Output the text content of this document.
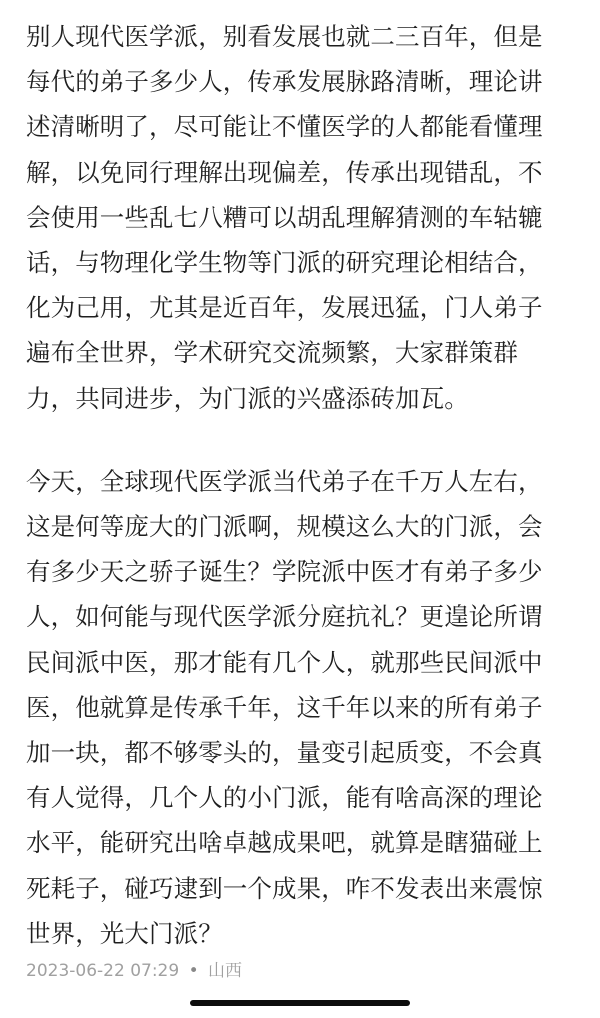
别人现代医学派，别看发展也就二三百年，但是
每代的弟子多少人，传承发展脉路清晰，理论讲
述清晰明了，尽可能让不懂医学的人都能看懂理
解，以免同行理解出现偏差，传承出现错乱，不
会使用一些乱七八糟可以胡乱理解猜测的车轱辘
话，与物理化学生物等门派的研究理论相结合，
化为己用，尤其是近百年，发展迅猛，门人弟子
遍布全世界，学术研究交流频繁，大家群策群
力，共同进步，为门派的兴盛添砖加瓦。

今天，全球现代医学派当代弟子在千万人左右，
这是何等庞大的门派啊，规模这么大的门派，会
有多少天之骄子诞生？学院派中医才有弟子多少
人，如何能与现代医学派分庭抗礼？更遑论所谓
民间派中医，那才能有几个人，就那些民间派中
医，他就算是传承千年，这千年以来的所有弟子
加一块，都不够零头的，量变引起质变，不会真
有人觉得，几个人的小门派，能有啥高深的理论
水平，能研究出啥卓越成果吧，就算是瞎猫碰上
死耗子，碰巧逮到一个成果，咋不发表出来震惊
世界，光大门派？

2023-06-22 07:29 • 山西
